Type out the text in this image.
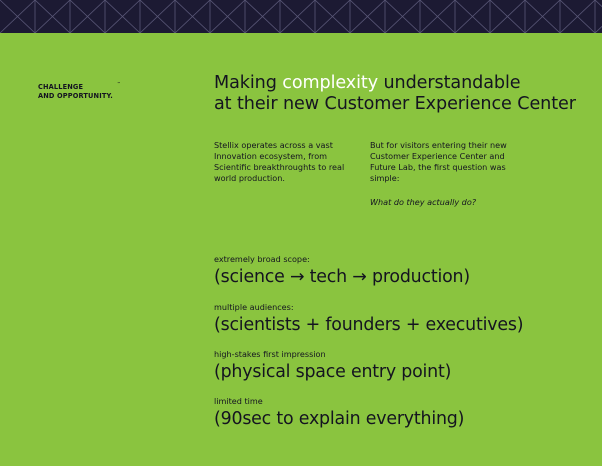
CHALLENGE
AND OPPORTUNITY.
™	Making complexity understandable
at their new Customer Experience Center

Stellix operates across a vast Innovation ecosystem, from Scientific breakthroughts to real world production.

But for visitors entering their new Customer Experience Center and Future Lab, the first question was simple:

What do they actually do?

extremely broad scope:
(science → tech → production)
multiple audiences:
(scientists + founders + executives)
high-stakes first impression
(physical space entry point)
limited time
(90sec to explain everything)
